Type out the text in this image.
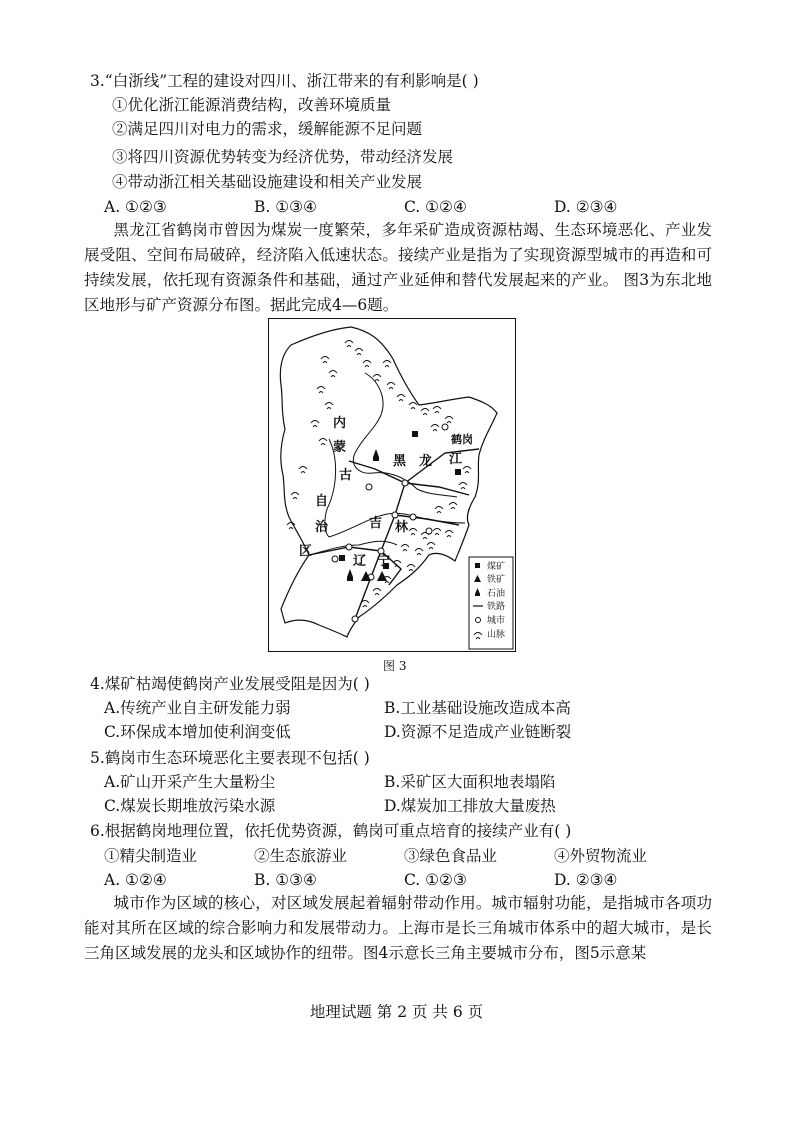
3.“白浙线”工程的建设对四川、浙江带来的有利影响是( )
①优化浙江能源消费结构，改善环境质量
②满足四川对电力的需求，缓解能源不足问题
③将四川资源优势转变为经济优势，带动经济发展
④带动浙江相关基础设施建设和相关产业发展
A. ①②③	B. ①③④	C. ①②④	D. ②③④
黑龙江省鹤岗市曾因为煤炭一度繁荣，多年采矿造成资源枯竭、生态环境恶化、产业发展受阻、空间布局破碎，经济陷入低速状态。接续产业是指为了实现资源型城市的再造和可持续发展，依托现有资源条件和基础，通过产业延伸和替代发展起来的产业。 图3为东北地区地形与矿产资源分布图。据此完成4—6题。
内
蒙
古
自
治
区
黑 龙 江
吉 林
辽 宁
鹤岗
煤矿
铁矿
石油
铁路
城市
山脉
图 3
4.煤矿枯竭使鹤岗产业发展受阻是因为( )
A.传统产业自主研发能力弱	B.工业基础设施改造成本高
C.环保成本增加使利润变低	D.资源不足造成产业链断裂
5.鹤岗市生态环境恶化主要表现不包括( )
A.矿山开采产生大量粉尘	B.采矿区大面积地表塌陷
C.煤炭长期堆放污染水源	D.煤炭加工排放大量废热
6.根据鹤岗地理位置，依托优势资源，鹤岗可重点培育的接续产业有( )
①精尖制造业	②生态旅游业	③绿色食品业	④外贸物流业
A. ①②④	B. ①③④	C. ①②③	D. ②③④
城市作为区域的核心，对区域发展起着辐射带动作用。城市辐射功能，是指城市各项功能对其所在区域的综合影响力和发展带动力。上海市是长三角城市体系中的超大城市，是长三角区域发展的龙头和区域协作的纽带。图4示意长三角主要城市分布，图5示意某
地理试题 第 2 页 共 6 页
